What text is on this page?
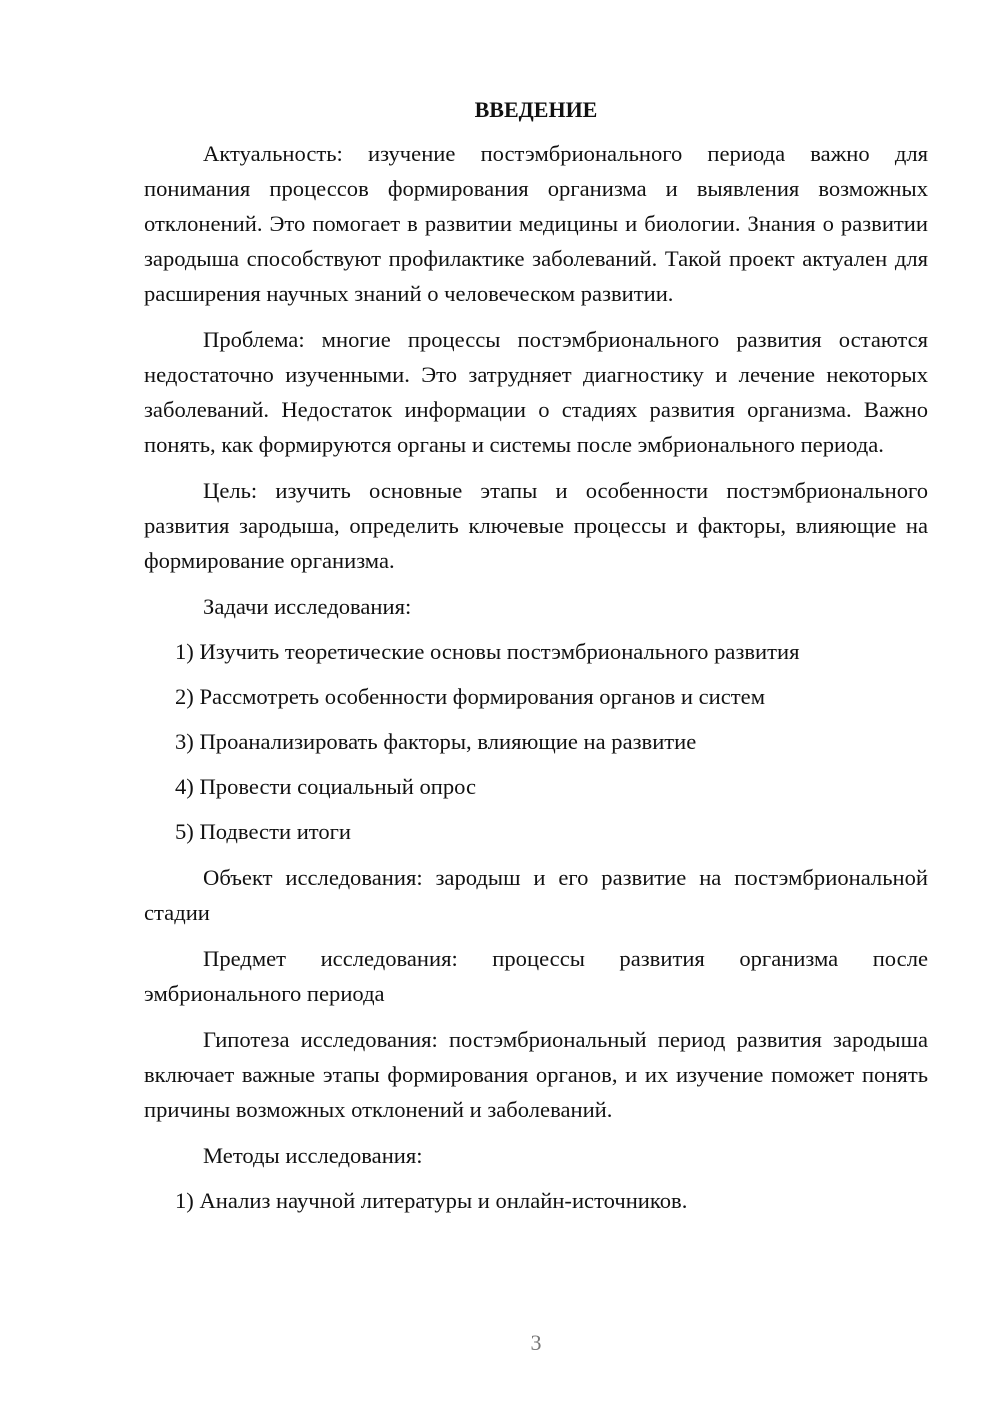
ВВЕДЕНИЕ

Актуальность: изучение постэмбрионального периода важно для понимания процессов формирования организма и выявления возможных отклонений. Это помогает в развитии медицины и биологии. Знания о развитии зародыша способствуют профилактике заболеваний. Такой проект актуален для расширения научных знаний о человеческом развитии.

Проблема: многие процессы постэмбрионального развития остаются недостаточно изученными. Это затрудняет диагностику и лечение некоторых заболеваний. Недостаток информации о стадиях развития организма. Важно понять, как формируются органы и системы после эмбрионального периода.

Цель: изучить основные этапы и особенности постэмбрионального развития зародыша, определить ключевые процессы и факторы, влияющие на формирование организма.

Задачи исследования:

1) Изучить теоретические основы постэмбрионального развития
2) Рассмотреть особенности формирования органов и систем
3) Проанализировать факторы, влияющие на развитие
4) Провести социальный опрос
5) Подвести итоги

Объект исследования: зародыш и его развитие на постэмбриональной стадии

Предмет исследования: процессы развития организма после эмбрионального периода

Гипотеза исследования: постэмбриональный период развития зародыша включает важные этапы формирования органов, и их изучение поможет понять причины возможных отклонений и заболеваний.

Методы исследования:

1) Анализ научной литературы и онлайн-источников.
3
